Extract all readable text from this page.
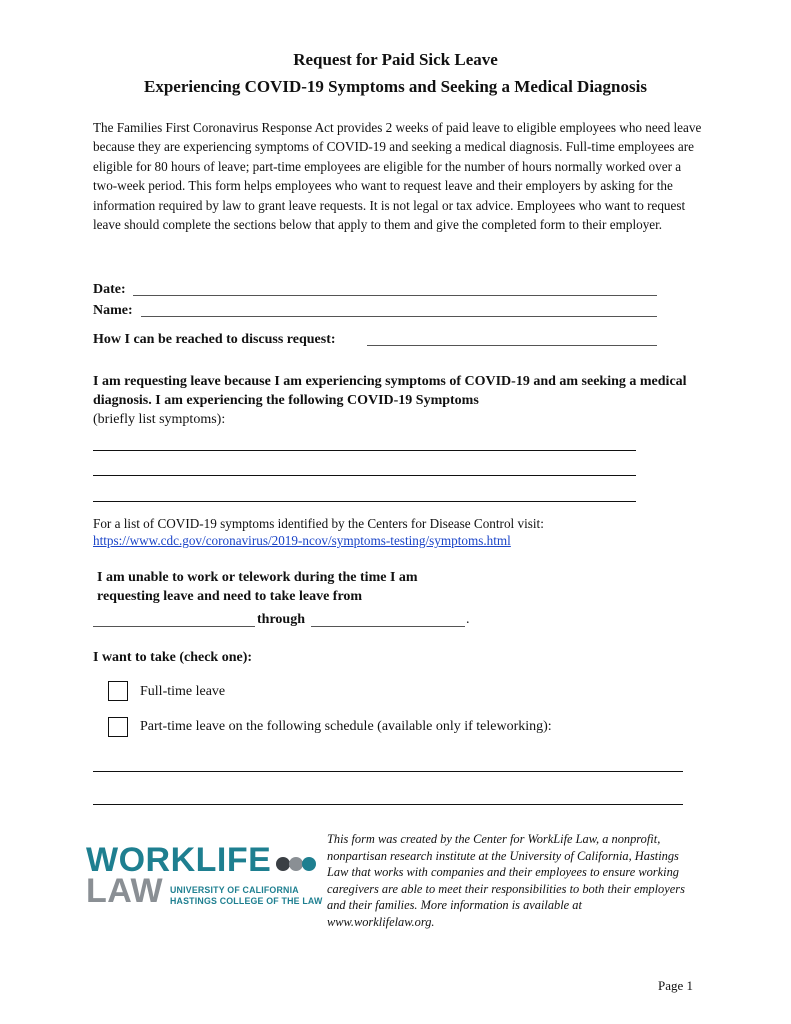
Request for Paid Sick Leave
Experiencing COVID-19 Symptoms and Seeking a Medical Diagnosis
The Families First Coronavirus Response Act provides 2 weeks of paid leave to eligible employees who need leave because they are experiencing symptoms of COVID-19 and seeking a medical diagnosis. Full-time employees are eligible for 80 hours of leave; part-time employees are eligible for the number of hours normally worked over a two-week period. This form helps employees who want to request leave and their employers by asking for the information required by law to grant leave requests. It is not legal or tax advice. Employees who want to request leave should complete the sections below that apply to them and give the completed form to their employer.
Date:
Name:
How I can be reached to discuss request:
I am requesting leave because I am experiencing symptoms of COVID-19 and am seeking a medical diagnosis. I am experiencing the following COVID-19 Symptoms
(briefly list symptoms):
For a list of COVID-19 symptoms identified by the Centers for Disease Control visit:
https://www.cdc.gov/coronavirus/2019-ncov/symptoms-testing/symptoms.html
I am unable to work or telework during the time I am
requesting leave and need to take leave from
through	.
I want to take (check one):
Full-time leave
Part-time leave on the following schedule (available only if teleworking):
WORKLIFE
LAW UNIVERSITY OF CALIFORNIA
HASTINGS COLLEGE OF THE LAW
This form was created by the Center for WorkLife Law, a nonprofit, nonpartisan research institute at the University of California, Hastings Law that works with companies and their employees to ensure working caregivers are able to meet their responsibilities to both their employers and their families. More information is available at www.worklifelaw.org.
Page 1
